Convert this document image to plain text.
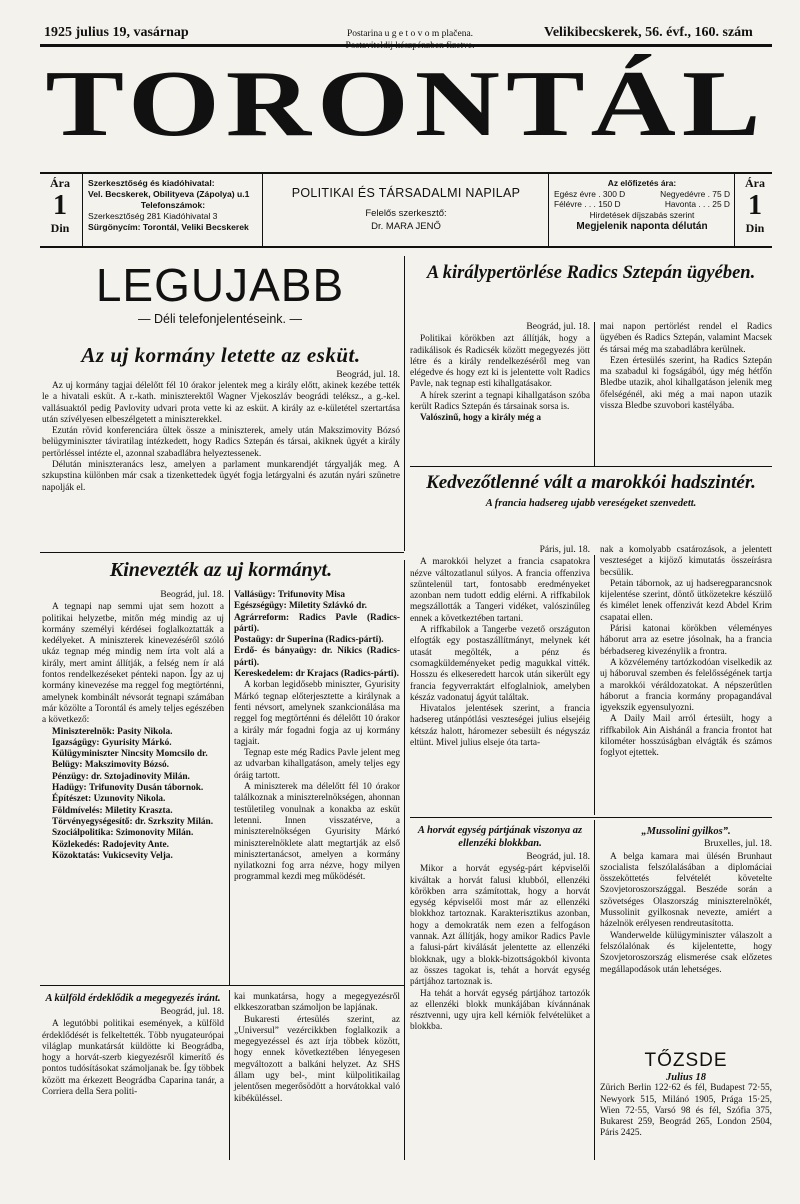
1925 julius 19, vasárnap	Postarina u g e t o v o m plačena.	Velikibecskerek, 56. évf., 160. szám
TORONTÁL
Ára
1
Din
Szerkesztőség és kiadóhivatal:
Vel. Becskerek, Obilityeva (Zápolya) u.1
Telefonszámok:
Szerkesztőség 281 Kiadóhivatal 3
Sürgönycím: Torontál, Veliki Becskerek
POLITIKAI ÉS TÁRSADALMI NAPILAP
Felelős szerkesztő:
Dr. MARA JENŐ
Az előfizetés ára:
Egész évre . 300 D	Negyedévre . 75 D
Félévre . . . 150 D	Havonta . . . 25 D
Hirdetések díjszabás szerint
Megjelenik naponta délután
Ára
1
Din
LEGUJABB
— Déli telefonjelentéseink. —
Az uj kormány letette az esküt.
Beográd, jul. 18.

Az uj kormány tagjai délelőtt fél 10 órakor jelentek meg a király előtt, akinek kezébe tették le a hivatali esküt. A r.-kath. miniszterektől Wagner Vjekoszláv beográdi teléksz., a g.-kel. vallásuaktól pedig Pavlovity udvari prota vette ki az esküt. A király az e-kületétel szertartása után szívélyesen elbeszélgetett a miniszterekkel.

Ezután rövid konferenciára ültek össze a miniszterek, amely után Makszimovity Bózsó belügyminiszter táviratilag intézkedett, hogy Radics Sztepán és társai, akiknek ügyét a király pertörléssel intézte el, azonnal szabadlábra helyeztessenek.

Délután miniszteranács lesz, amelyen a parlament munkarendjét tárgyalják meg. A szkupstina különben már csak a tizenkettedek ügyét fogja letárgyalni és azután nyári szünetre napolják el.

A királypertörlése Radics Sztepán ügyében.
Beográd, jul. 18.

Politikai körökben azt állítják, hogy a radikálisok és Radicsék között megegyezés jött létre és a király rendelkezéséről meg van elégedve és hogy ezt ki is jelentette volt Radics Pavle, nak tegnap esti kihallgatásakor.

A hírek szerint a tegnapi kihallgatáson szóba került Radics Sztepán és társainak sorsa is.

Valószinű, hogy a király még a

mai napon pertörlést rendel el Radics ügyében és Radics Sztepán, valamint Macsek és társai még ma szabadlábra kerülnek.

Ezen értesülés szerint, ha Radics Sztepán ma szabadul ki fogságából, úgy még hétfőn Bledbe utazik, ahol kihallgatáson jelenik meg őfelségénél, aki még a mai napon utazik vissza Bledbe szuvobori kastélyába.

Kedvezőtlenné vált a marokkói hadszintér.
A francia hadsereg ujabb vereségeket szenvedett.
Páris, jul. 18.

A marokkói helyzet a francia csapatokra nézve változatlanul súlyos. A francia offenziva szüntelenül tart, fontosabb eredményeket azonban nem tudott eddig elérni. A riffkabilok megszállották a Tangeri vidéket, valószinűleg ennek a következtében tartani.

A riffkabilok a Tangerbe vezető országuton elfogták egy postaszállítmányt, melynek két utasát megölték, a pénz és csomagküldeményeket pedig magukkal vitték. Hosszu és elkeseredett harcok után sikerült egy francia fegyverraktárt elfoglalniok, amelyben készáz vadonatuj ágyút találtak.

Hivatalos jelentések szerint, a francia hadsereg utánpótlási veszteségei julius elsejéig kétszáz halott, háromezer sebesült és négyszáz eltünt. Mivel julius elseje óta tarta-

nak a komolyabb csatározások, a jelentett veszteséget a kijöző kimutatás összeírásra becsülik.

Petain tábornok, az uj hadseregparancsnok kijelentése szerint, döntő ütközetekre készülő és kimélet lenek offenzivát kezd Abdel Krim csapatai ellen.

Párisi katonai körökben véleményes háborut arra az esetre jósolnak, ha a francia bérbadsereg kivezénylik a frontra.

A közvélemény tartózkodóan viselkedik az uj háboruval szemben és felelősségének tartja a marokkói véráldozatokat. A népszerűtlen háborut a francia kormány propagandával igyekszik egyensulyozni.

A Daily Mail arról értesült, hogy a riffkabilok Ain Aishánál a francia frontot hat kilométer hosszúságban elvágták és számos foglyot ejtettek.

Kinevezték az uj kormányt.
Beográd, jul. 18.

A tegnapi nap semmi ujat sem hozott a politikai helyzetbe, mitőn még mindig az uj kormány személyi kérdései foglalkoztatták a kedélyeket. A miniszterek kinevezéséről szóló ukáz tegnap még mindig nem írta volt alá a király, mert amint állítják, a felség nem ír alá fontos rendelkezéseket pénteki napon. Így az uj kormány kinevezése ma reggel fog megtörténni, amelynek kombinált névsorát tegnapi számában már közölte a Torontál és amely teljes egészében a következő:

Miniszterelnök: Pasity Nikola.

Igazságügy: Gyurisity Márkó.

Külügyminiszter Nincsity Momcsilo dr.

Belügy: Makszimovity Bózsó.

Pénzügy: dr. Sztojadinovity Milán.

Hadügy: Trifunovity Dusán tábornok.

Építészet: Uzunovity Nikola.

Földmívelés: Miletity Kraszta.

Törvényegységesítő: dr. Szrkszity Milán.

Szociálpolitika: Szimonovity Milán.

Közlekedés: Radojevity Ante.

Közoktatás: Vukicsevity Velja.

Vallásügy: Trifunovity Misa

Egészségügy: Miletity Szlávkó dr.

Agrárreform: Radics Pavle (Radics-párti).

Postaügy: dr Superina (Radics-párti).

Erdő- és bányaügy: dr. Nikics (Radics-párti).

Kereskedelem: dr Krajacs (Radics-párti).

A korban legidősebb miniszter, Gyurisity Márkó tegnap előterjesztette a királynak a fenti névsort, amelynek szankcionálása ma reggel fog megtörténni és délelőtt 10 órakor a király már fogadni fogja az uj kormány tagjait.

Tegnap este még Radics Pavle jelent meg az udvarban kihallgatáson, amely teljes egy óráig tartott.

A miniszterek ma délelőtt fél 10 órakor találkoznak a miniszterelnökségen, ahonnan testületileg vonulnak a konakba az esküt letenni. Innen visszatérve, a miniszterelnökségen Gyurisity Márkó miniszterelnöklete alatt megtartják az első minisztertanácsot, amelyen a kormány nyilatkozni fog arra nézve, hogy milyen programmal kezdi meg működését.

A külföld érdeklődik a megegyezés iránt.
Beográd, jul. 18.

A legutóbbi politikai események, a külföld érdeklődését is felkeltették. Több nyugateurópai világlap munkatársát küldötte ki Beográdba, hogy a horvát-szerb kiegyezésről kimerítő és pontos tudósításokat számoljanak be. Így többek között ma érkezett Beográdba Caparina tanár, a Corriera della Sera politi-

kai munkatársa, hogy a megegyezésről elkkeszoratban számoljon be lapjának.

Bukaresti értesülés szerint, az „Universul” vezércikkben foglalkozik a megegyezéssel és azt írja többek között, hogy ennek következtében lényegesen megváltozott a balkáni helyzet. Az SHS állam ugy bel-, mint külpolitikailag jelentősen megerősödött a horvátokkal való kibéküléssel.

A horvát egység pártjának viszonya az ellenzéki blokkban.
Beográd, jul. 18.

Mikor a horvát egység-párt képviselői kiváltak a horvát falusi klubból, ellenzéki körökben arra számítottak, hogy a horvát egység képviselői most már az ellenzéki blokkhoz tartoznak. Karakterisztikus azonban, hogy a demokraták nem ezen a felfogáson vannak. Azt állítják, hogy amikor Radics Pavle a falusi-párt kiválását jelentette az ellenzéki blokknak, ugy a blokk-bizottságokból kivonta az összes tagokat is, tehát a horvát egység pártjához tartoznak is.

Ha tehát a horvát egység pártjához tartozók az ellenzéki blokk munkájában kívánnának résztvenni, ugy ujra kell kérniök felvételüket a blokkba.

„Mussolini gyilkos”.
Bruxelles, jul. 18.

A belga kamara mai ülésén Brunhaut szocialista felszólalásában a diplomáciai összeköttetés felvételét követelte Szovjetoroszországgal. Beszéde során a szövetséges Olaszország miniszterelnökét, Mussolinit gyilkosnak nevezte, amiért a házelnök erélyesen rendreutasította.

Wanderwelde külügyminiszter válaszolt a felszólalónak és kijelentette, hogy Szovjetoroszország elismerése csak előzetes megállapodások után lehetséges.

TŐZSDE
Julius 18

Zürich Berlin 122·62 és fél, Budapest 72·55, Newyork 515, Milánó 1905, Prága 15·25, Wien 72·55, Varsó 98 és fél, Szófia 375, Bukarest 259, Beográd 265, London 2504, Páris 2425.
